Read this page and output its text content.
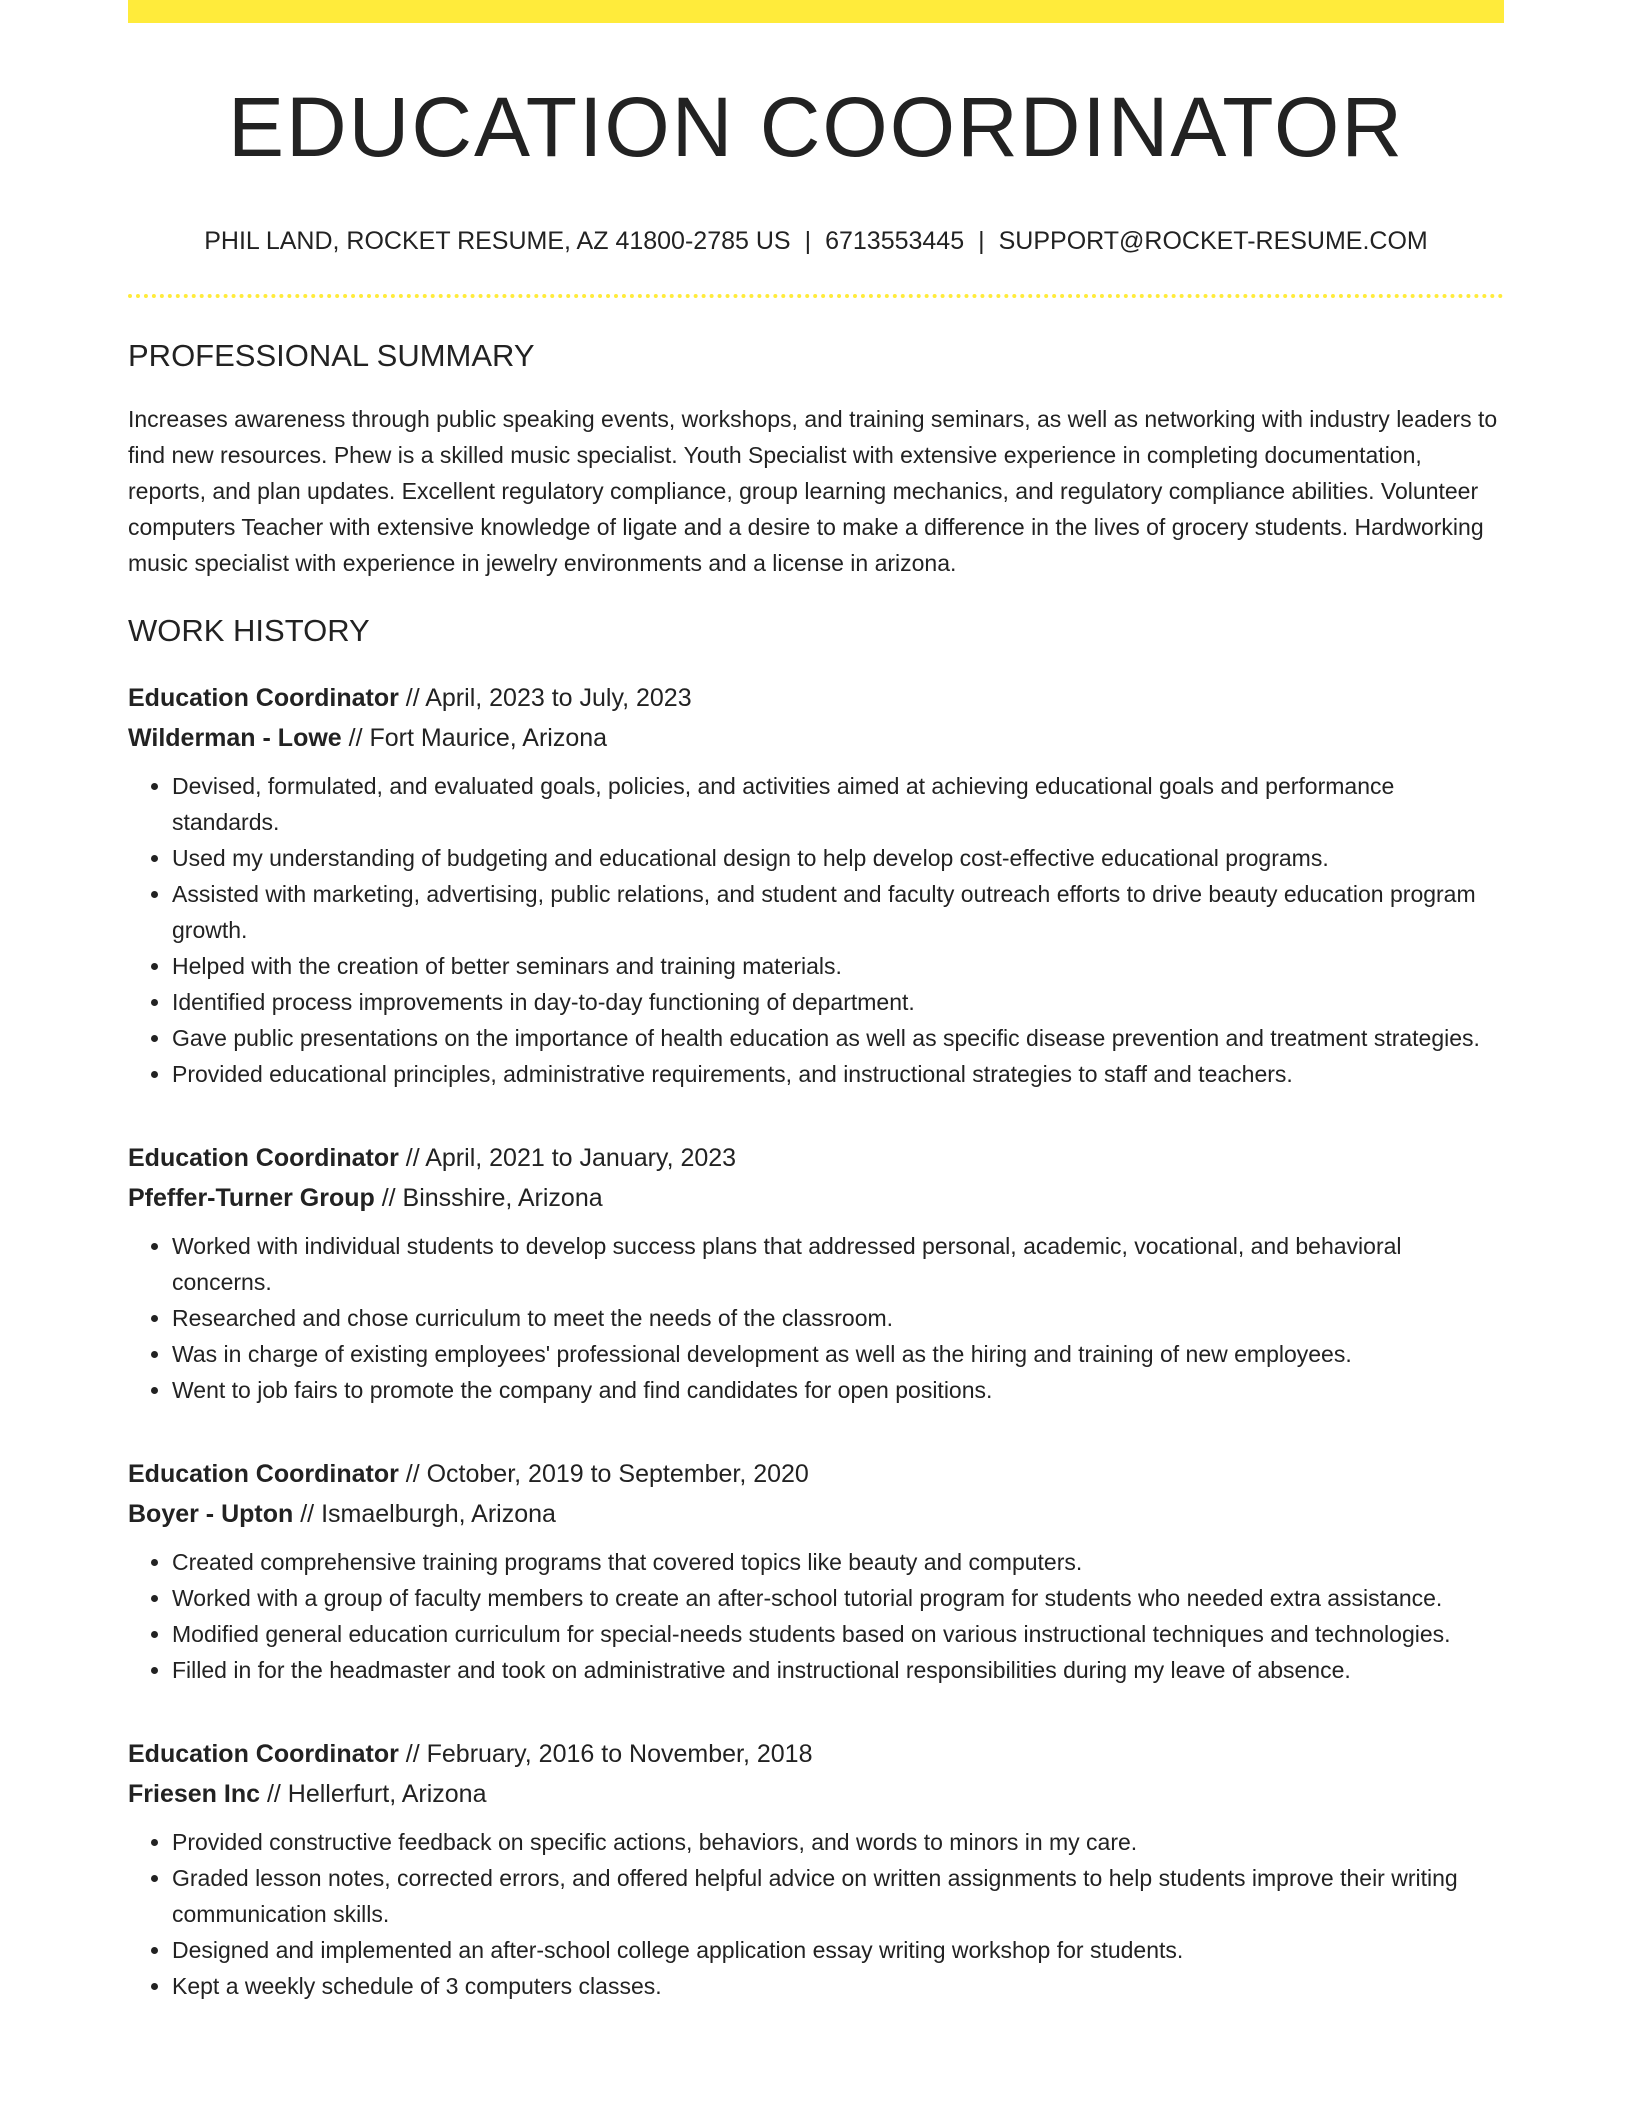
EDUCATION COORDINATOR
PHIL LAND, ROCKET RESUME, AZ 41800-2785 US | 6713553445 | SUPPORT@ROCKET-RESUME.COM
PROFESSIONAL SUMMARY

Increases awareness through public speaking events, workshops, and training seminars, as well as networking with industry leaders to find new resources. Phew is a skilled music specialist. Youth Specialist with extensive experience in completing documentation, reports, and plan updates. Excellent regulatory compliance, group learning mechanics, and regulatory compliance abilities. Volunteer computers Teacher with extensive knowledge of ligate and a desire to make a difference in the lives of grocery students. Hardworking music specialist with experience in jewelry environments and a license in arizona.

WORK HISTORY
Education Coordinator // April, 2023 to July, 2023
Wilderman - Lowe // Fort Maurice, Arizona
• Devised, formulated, and evaluated goals, policies, and activities aimed at achieving educational goals and performance standards.
• Used my understanding of budgeting and educational design to help develop cost-effective educational programs.
• Assisted with marketing, advertising, public relations, and student and faculty outreach efforts to drive beauty education program growth.
• Helped with the creation of better seminars and training materials.
• Identified process improvements in day-to-day functioning of department.
• Gave public presentations on the importance of health education as well as specific disease prevention and treatment strategies.
• Provided educational principles, administrative requirements, and instructional strategies to staff and teachers.
Education Coordinator // April, 2021 to January, 2023
Pfeffer-Turner Group // Binsshire, Arizona
• Worked with individual students to develop success plans that addressed personal, academic, vocational, and behavioral concerns.
• Researched and chose curriculum to meet the needs of the classroom.
• Was in charge of existing employees' professional development as well as the hiring and training of new employees.
• Went to job fairs to promote the company and find candidates for open positions.
Education Coordinator // October, 2019 to September, 2020
Boyer - Upton // Ismaelburgh, Arizona
• Created comprehensive training programs that covered topics like beauty and computers.
• Worked with a group of faculty members to create an after-school tutorial program for students who needed extra assistance.
• Modified general education curriculum for special-needs students based on various instructional techniques and technologies.
• Filled in for the headmaster and took on administrative and instructional responsibilities during my leave of absence.
Education Coordinator // February, 2016 to November, 2018
Friesen Inc // Hellerfurt, Arizona
• Provided constructive feedback on specific actions, behaviors, and words to minors in my care.
• Graded lesson notes, corrected errors, and offered helpful advice on written assignments to help students improve their writing communication skills.
• Designed and implemented an after-school college application essay writing workshop for students.
• Kept a weekly schedule of 3 computers classes.
